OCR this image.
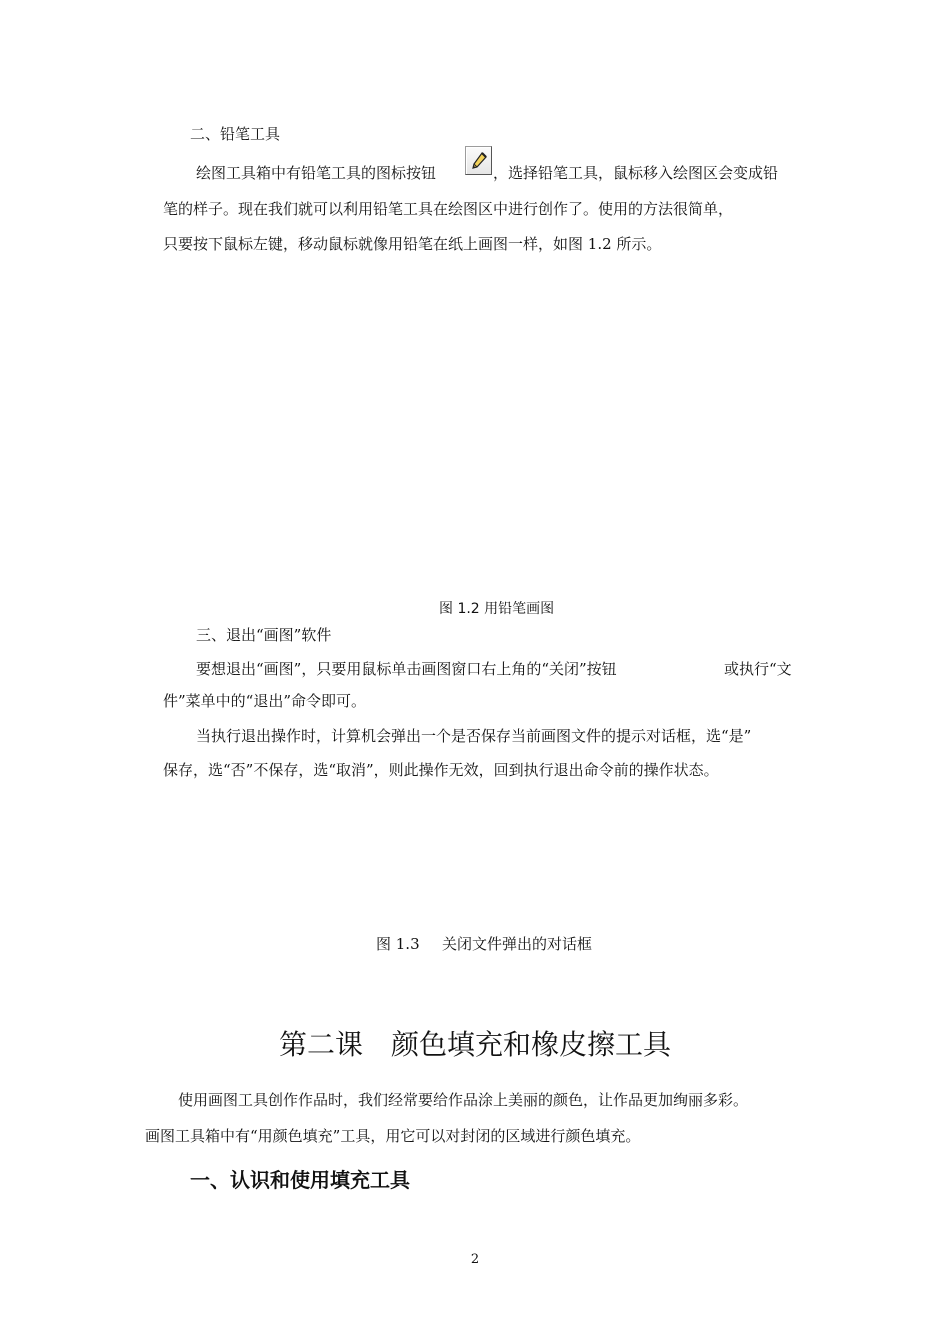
二、铅笔工具

绘图工具箱中有铅笔工具的图标按钮	，选择铅笔工具，鼠标移入绘图区会变成铅

笔的样子。现在我们就可以利用铅笔工具在绘图区中进行创作了。使用的方法很简单，

只要按下鼠标左键，移动鼠标就像用铅笔在纸上画图一样，如图 1.2 所示。

图 1.2 用铅笔画图

三、退出“画图”软件

要想退出“画图”，只要用鼠标单击画图窗口右上角的“关闭”按钮	或执行“文

件”菜单中的“退出”命令即可。

当执行退出操作时，计算机会弹出一个是否保存当前画图文件的提示对话框，选“是”

保存，选“否”不保存，选“取消”，则此操作无效，回到执行退出命令前的操作状态。

图 1.3 关闭文件弹出的对话框

第二课　颜色填充和橡皮擦工具

使用画图工具创作作品时，我们经常要给作品涂上美丽的颜色，让作品更加绚丽多彩。

画图工具箱中有“用颜色填充”工具，用它可以对封闭的区域进行颜色填充。

一、认识和使用填充工具
2
